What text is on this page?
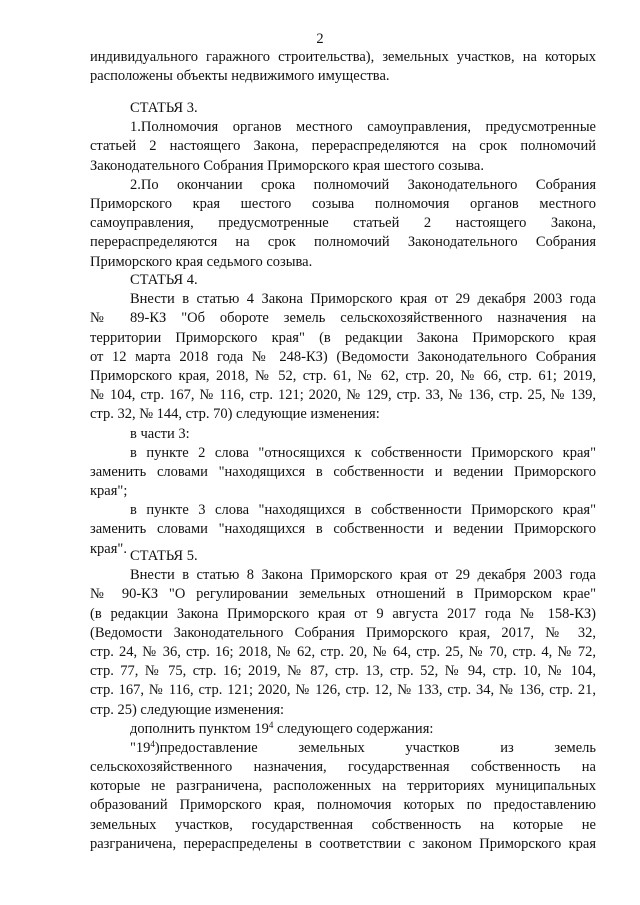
2
индивидуального гаражного строительства), земельных участков, на которых
расположены объекты недвижимого имущества.
СТАТЬЯ 3.
1.Полномочия органов местного самоуправления, предусмотренные
статьей 2 настоящего Закона, перераспределяются на срок полномочий
Законодательного Собрания Приморского края шестого созыва.
2.По окончании срока полномочий Законодательного Собрания
Приморского края шестого созыва полномочия органов местного
самоуправления, предусмотренные статьей 2 настоящего Закона,
перераспределяются на срок полномочий Законодательного Собрания
Приморского края седьмого созыва.
СТАТЬЯ 4.
Внести в статью 4 Закона Приморского края от 29 декабря 2003 года
№ 89-КЗ "Об обороте земель сельскохозяйственного назначения на
территории Приморского края" (в редакции Закона Приморского края
от 12 марта 2018 года № 248-КЗ) (Ведомости Законодательного Собрания
Приморского края, 2018, № 52, стр. 61, № 62, стр. 20, № 66, стр. 61; 2019,
№ 104, стр. 167, № 116, стр. 121; 2020, № 129, стр. 33, № 136, стр. 25, № 139,
стр. 32, № 144, стр. 70) следующие изменения:
в части 3:
в пункте 2 слова "относящихся к собственности Приморского края"
заменить словами "находящихся в собственности и ведении Приморского
края";
в пункте 3 слова "находящихся в собственности Приморского края"
заменить словами "находящихся в собственности и ведении Приморского
края". СТАТЬЯ 5.
Внести в статью 8 Закона Приморского края от 29 декабря 2003 года
№ 90-КЗ "О регулировании земельных отношений в Приморском крае"
(в редакции Закона Приморского края от 9 августа 2017 года № 158-КЗ)
(Ведомости Законодательного Собрания Приморского края, 2017, № 32,
стр. 24, № 36, стр. 16; 2018, № 62, стр. 20, № 64, стр. 25, № 70, стр. 4, № 72,
стр. 77, № 75, стр. 16; 2019, № 87, стр. 13, стр. 52, № 94, стр. 10, № 104,
стр. 167, № 116, стр. 121; 2020, № 126, стр. 12, № 133, стр. 34, № 136, стр. 21,
стр. 25) следующие изменения:
дополнить пунктом $19^4$ следующего содержания:
"$19^4)предоставление$ земельных участков из земель
сельскохозяйственного назначения, государственная собственность на
которые не разграничена, расположенных на территориях муниципальных
образований Приморского края, полномочия которых по предоставлению
земельных участков, государственная собственность на которые не
разграничена, перераспределены в соответствии с законом Приморского края
